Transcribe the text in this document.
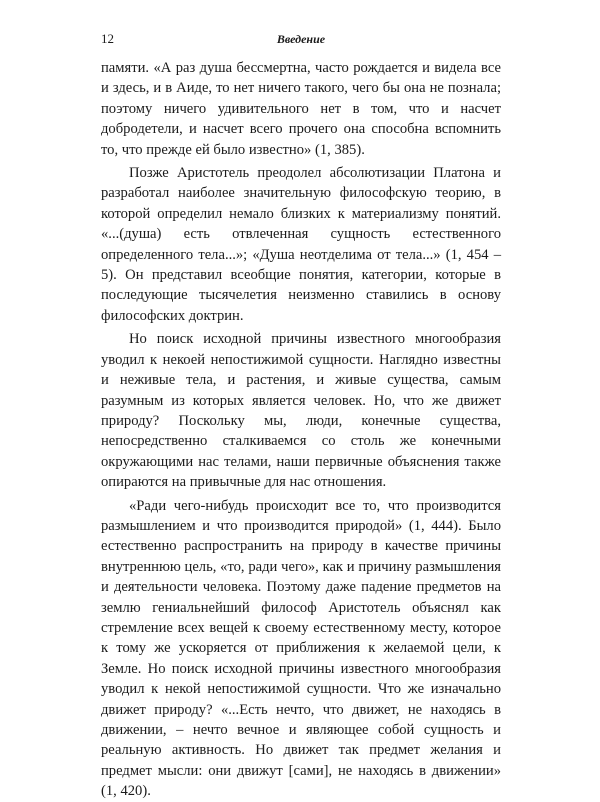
12	Введение

памяти. «А раз душа бессмертна, часто рождается и видела все и здесь, и в Аиде, то нет ничего такого, чего бы она не познала; поэтому ничего удивительного нет в том, что и насчет добродетели, и насчет всего прочего она способна вспомнить то, что прежде ей было известно» (1, 385).

Позже Аристотель преодолел абсолютизации Платона и разработал наиболее значительную философскую теорию, в которой определил немало близких к материализму понятий. «...(душа) есть отвлеченная сущность естественного определенного тела...»; «Душа неотделима от тела...» (1, 454 – 5). Он представил всеобщие понятия, категории, которые в последующие тысячелетия неизменно ставились в основу философских доктрин.

Но поиск исходной причины известного многообразия уводил к некоей непостижимой сущности. Наглядно известны и неживые тела, и растения, и живые существа, самым разумным из которых является человек. Но, что же движет природу? Поскольку мы, люди, конечные существа, непосредственно сталкиваемся со столь же конечными окружающими нас телами, наши первичные объяснения также опираются на привычные для нас отношения.

«Ради чего-нибудь происходит все то, что производится размышлением и что производится природой» (1, 444). Было естественно распространить на природу в качестве причины внутреннюю цель, «то, ради чего», как и причину размышления и деятельности человека. Поэтому даже падение предметов на землю гениальнейший философ Аристотель объяснял как стремление всех вещей к своему естественному месту, которое к тому же ускоряется от приближения к желаемой цели, к Земле. Но поиск исходной причины известного многообразия уводил к некой непостижимой сущности. Что же изначально движет природу? «...Есть нечто, что движет, не находясь в движении, – нечто вечное и являющее собой сущность и реальную активность. Но движет так предмет желания и предмет мысли: они движут [сами], не находясь в движении» (1, 420).
